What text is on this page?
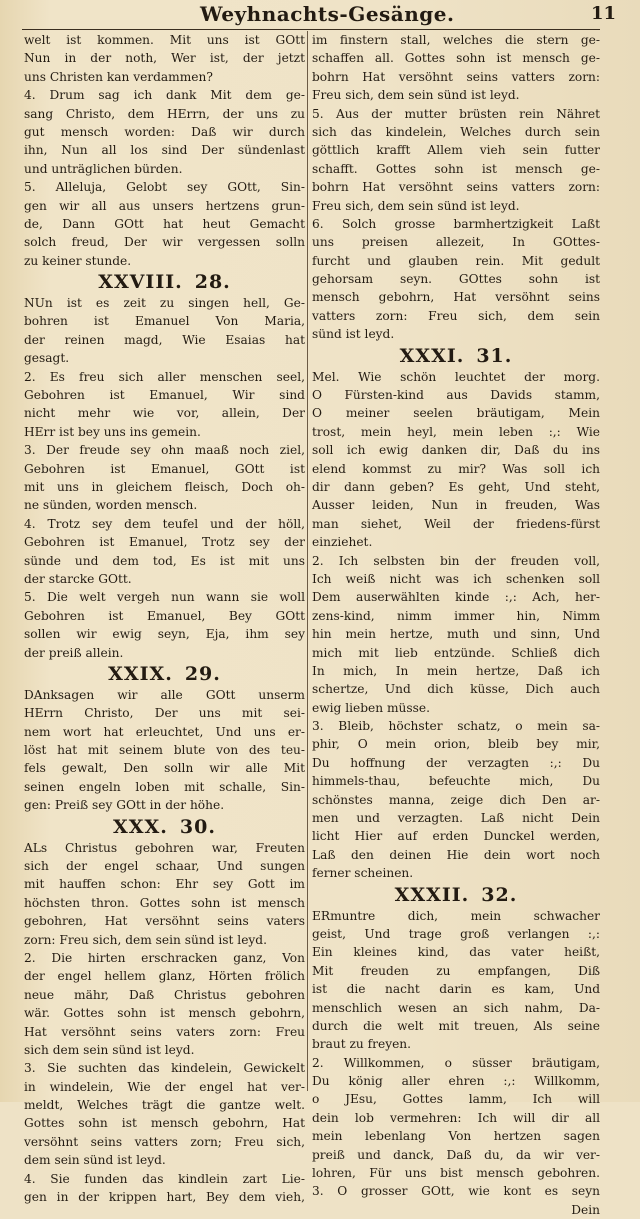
Weyhnachts-Gesänge.	11
welt ist kommen. Mit uns ist GOtt
Nun in der noth, Wer ist, der jetzt
uns Christen kan verdammen?
4. Drum sag ich dank Mit dem ge-
sang Christo, dem HErrn, der uns zu
gut mensch worden: Daß wir durch
ihn, Nun all los sind Der sündenlast
und unträglichen bürden.
5. Alleluja, Gelobt sey GOtt, Sin-
gen wir all aus unsers hertzens grun-
de, Dann GOtt hat heut Gemacht
solch freud, Der wir vergessen solln
zu keiner stunde.
XXVIII. 28.
NUn ist es zeit zu singen hell, Ge-
bohren ist Emanuel Von Maria,
der reinen magd, Wie Esaias hat
gesagt.
2. Es freu sich aller menschen seel,
Gebohren ist Emanuel, Wir sind
nicht mehr wie vor, allein, Der
HErr ist bey uns ins gemein.
3. Der freude sey ohn maaß noch ziel,
Gebohren ist Emanuel, GOtt ist
mit uns in gleichem fleisch, Doch oh-
ne sünden, worden mensch.
4. Trotz sey dem teufel und der höll,
Gebohren ist Emanuel, Trotz sey der
sünde und dem tod, Es ist mit uns
der starcke GOtt.
5. Die welt vergeh nun wann sie woll
Gebohren ist Emanuel, Bey GOtt
sollen wir ewig seyn, Eja, ihm sey
der preiß allein.
XXIX. 29.
DAnksagen wir alle GOtt unserm
HErrn Christo, Der uns mit sei-
nem wort hat erleuchtet, Und uns er-
löst hat mit seinem blute von des teu-
fels gewalt, Den solln wir alle Mit
seinen engeln loben mit schalle, Sin-
gen: Preiß sey GOtt in der höhe.
XXX. 30.
ALs Christus gebohren war, Freuten
sich der engel schaar, Und sungen
mit hauffen schon: Ehr sey Gott im
höchsten thron. Gottes sohn ist mensch
gebohren, Hat versöhnt seins vaters
zorn: Freu sich, dem sein sünd ist leyd.
2. Die hirten erschracken ganz, Von
der engel hellem glanz, Hörten frölich
neue mähr, Daß Christus gebohren
wär. Gottes sohn ist mensch gebohrn,
Hat versöhnt seins vaters zorn: Freu
sich dem sein sünd ist leyd.
3. Sie suchten das kindelein, Gewickelt
in windelein, Wie der engel hat ver-
meldt, Welches trägt die gantze welt.
Gottes sohn ist mensch gebohrn, Hat
versöhnt seins vatters zorn; Freu sich,
dem sein sünd ist leyd.
4. Sie funden das kindlein zart Lie-
gen in der krippen hart, Bey dem vieh,
im finstern stall, welches die stern ge-
schaffen all. Gottes sohn ist mensch ge-
bohrn Hat versöhnt seins vatters zorn:
Freu sich, dem sein sünd ist leyd.
5. Aus der mutter brüsten rein Nähret
sich das kindelein, Welches durch sein
göttlich krafft Allem vieh sein futter
schafft. Gottes sohn ist mensch ge-
bohrn Hat versöhnt seins vatters zorn:
Freu sich, dem sein sünd ist leyd.
6. Solch grosse barmhertzigkeit Laßt
uns preisen allezeit, In GOttes-
furcht und glauben rein. Mit gedult
gehorsam seyn. GOttes sohn ist
mensch gebohrn, Hat versöhnt seins
vatters zorn: Freu sich, dem sein
sünd ist leyd.
XXXI. 31.
Mel. Wie schön leuchtet der morg.
O Fürsten-kind aus Davids stamm,
O meiner seelen bräutigam, Mein
trost, mein heyl, mein leben :,: Wie
soll ich ewig danken dir, Daß du ins
elend kommst zu mir? Was soll ich
dir dann geben? Es geht, Und steht,
Ausser leiden, Nun in freuden, Was
man siehet, Weil der friedens-fürst
einziehet.
2. Ich selbsten bin der freuden voll,
Ich weiß nicht was ich schenken soll
Dem auserwählten kinde :,: Ach, her-
zens-kind, nimm immer hin, Nimm
hin mein hertze, muth und sinn, Und
mich mit lieb entzünde. Schließ dich
In mich, In mein hertze, Daß ich
schertze, Und dich küsse, Dich auch
ewig lieben müsse.
3. Bleib, höchster schatz, o mein sa-
phir, O mein orion, bleib bey mir,
Du hoffnung der verzagten :,: Du
himmels-thau, befeuchte mich, Du
schönstes manna, zeige dich Den ar-
men und verzagten. Laß nicht Dein
licht Hier auf erden Dunckel werden,
Laß den deinen Hie dein wort noch
ferner scheinen.
XXXII. 32.
ERmuntre dich, mein schwacher
geist, Und trage groß verlangen :,:
Ein kleines kind, das vater heißt,
Mit freuden zu empfangen, Diß
ist die nacht darin es kam, Und
menschlich wesen an sich nahm, Da-
durch die welt mit treuen, Als seine
braut zu freyen.
2. Willkommen, o süsser bräutigam,
Du könig aller ehren :,: Willkomm,
o JEsu, Gottes lamm, Ich will
dein lob vermehren: Ich will dir all
mein lebenlang Von hertzen sagen
preiß und danck, Daß du, da wir ver-
lohren, Für uns bist mensch gebohren.
3. O grosser GOtt, wie kont es seyn
Dein
